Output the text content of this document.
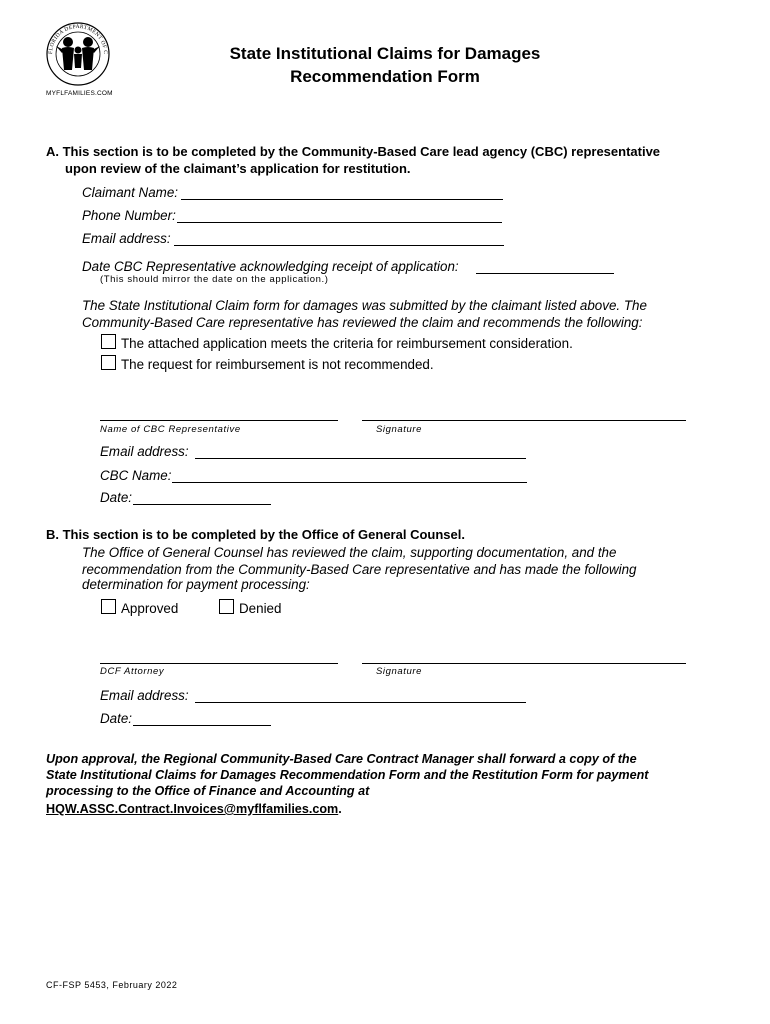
FLORIDA DEPARTMENT OF C
MYFLFAMILIES.COM
State Institutional Claims for Damages
Recommendation Form
A. This section is to be completed by the Community-Based Care lead agency (CBC) representative
upon review of the claimant’s application for restitution.
Claimant Name:
Phone Number:
Email address:
Date CBC Representative acknowledging receipt of application:
(This should mirror the date on the application.)
The State Institutional Claim form for damages was submitted by the claimant listed above. The
Community-Based Care representative has reviewed the claim and recommends the following:
The attached application meets the criteria for reimbursement consideration.
The request for reimbursement is not recommended.
Name of CBC Representative	Signature
Email address:
CBC Name:
Date:
B. This section is to be completed by the Office of General Counsel.
The Office of General Counsel has reviewed the claim, supporting documentation, and the
recommendation from the Community-Based Care representative and has made the following
determination for payment processing:
Approved	Denied
DCF Attorney	Signature
Email address:
Date:
Upon approval, the Regional Community-Based Care Contract Manager shall forward a copy of the
State Institutional Claims for Damages Recommendation Form and the Restitution Form for payment
processing to the Office of Finance and Accounting at
HQW.ASSC.Contract.Invoices@myflfamilies.com.
CF-FSP 5453, February 2022
